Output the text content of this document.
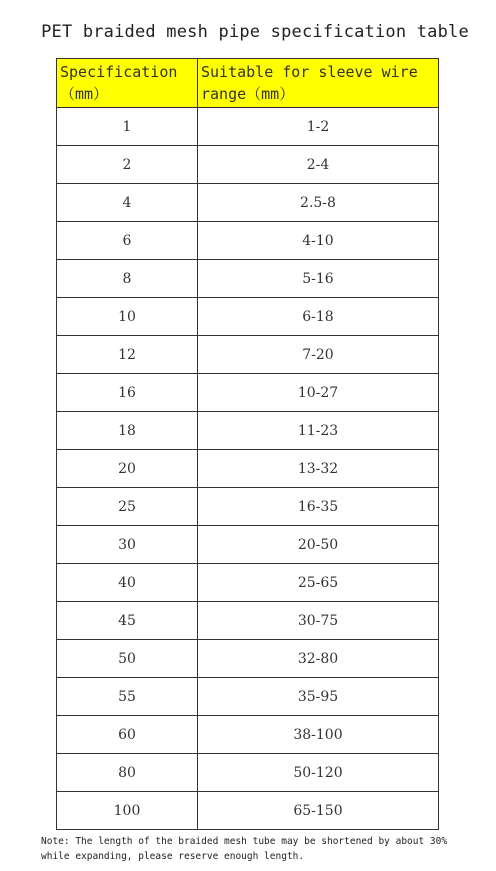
PET braided mesh pipe specification table
Specification（mm）	Suitable for sleeve wire range（mm）
1	1-2
2	2-4
4	2.5-8
6	4-10
8	5-16
10	6-18
12	7-20
16	10-27
18	11-23
20	13-32
25	16-35
30	20-50
40	25-65
45	30-75
50	32-80
55	35-95
60	38-100
80	50-120
100	65-150
Note: The length of the braided mesh tube may be shortened by about 30% while expanding, please reserve enough length.
